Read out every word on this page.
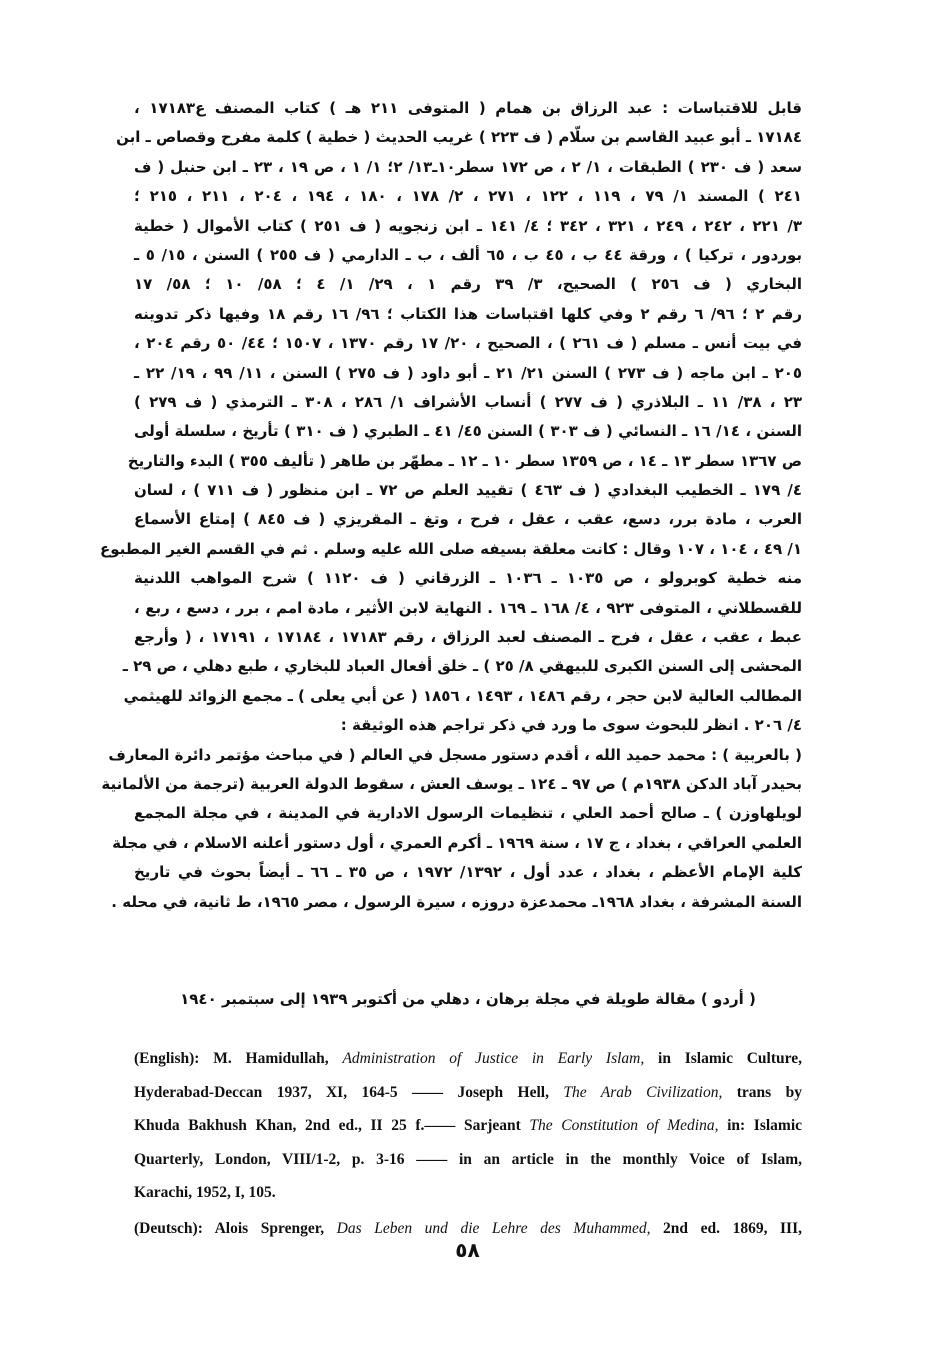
قابل للاقتباسات : عبد الرزاق بن همام ( المتوفى ٢١١ هـ ) كتاب المصنف ع١٧١٨٣ ،
١٧١٨٤ ـ أبو عبيد القاسم بن سلّام ( ف ٢٢٣ ) غريب الحديث ( خطية ) كلمة مفرح وقصاص ـ ابن
سعد ( ف ٢٣٠ ) الطبقات ، ١/ ٢ ، ص ١٧٢ سطر١٠ـ١٣/ ٢؛ ١/ ١ ، ص ١٩ ، ٢٣ ـ ابن حنبل ( ف
٢٤١ ) المسند ١/ ٧٩ ، ١١٩ ، ١٢٢ ، ٢٧١ ، ٢/ ١٧٨ ، ١٨٠ ، ١٩٤ ، ٢٠٤ ، ٢١١ ، ٢١٥ ؛
٣/ ٢٢١ ، ٢٤٢ ، ٢٤٩ ، ٣٢١ ، ٣٤٢ ؛ ٤/ ١٤١ ـ ابن زنجويه ( ف ٢٥١ ) كتاب الأموال ( خطية
بوردور ، تركيا ) ، ورقة ٤٤ ب ، ٤٥ ب ، ٦٥ ألف ، ب ـ الدارمي ( ف ٢٥٥ ) السنن ، ١٥/ ٥ ـ
البخاري ( ف ٢٥٦ ) الصحيح، ٣/ ٣٩ رقم ١ ، ٢٩/ ١/ ٤ ؛ ٥٨/ ١٠ ؛ ٥٨/ ١٧
رقم ٢ ؛ ٩٦/ ٦ رقم ٢ وفي كلها اقتباسات هذا الكتاب ؛ ٩٦/ ١٦ رقم ١٨ وفيها ذكر تدوينه
في بيت أنس ـ مسلم ( ف ٢٦١ ) ، الصحيح ، ٢٠/ ١٧ رقم ١٣٧٠ ، ١٥٠٧ ؛ ٤٤/ ٥٠ رقم ٢٠٤ ،
٢٠٥ ـ ابن ماجه ( ف ٢٧٣ ) السنن ٢١/ ٢١ ـ أبو داود ( ف ٢٧٥ ) السنن ، ١١/ ٩٩ ، ١٩/ ٢٢ ـ
٢٣ ، ٣٨/ ١١ ـ البلاذري ( ف ٢٧٧ ) أنساب الأشراف ١/ ٢٨٦ ، ٣٠٨ ـ الترمذي ( ف ٢٧٩ )
السنن ، ١٤/ ١٦ ـ النسائي ( ف ٣٠٣ ) السنن ٤٥/ ٤١ ـ الطبري ( ف ٣١٠ ) تأريخ ، سلسلة أولى
ص ١٣٦٧ سطر ١٣ ـ ١٤ ، ص ١٣٥٩ سطر ١٠ ـ ١٢ ـ مطهّر بن طاهر ( تأليف ٣٥٥ ) البدء والتاريخ
٤/ ١٧٩ ـ الخطيب البغدادي ( ف ٤٦٣ ) تقييد العلم ص ٧٢ ـ ابن منظور ( ف ٧١١ ) ، لسان
العرب ، مادة برر، دسع، عقب ، عقل ، فرح ، وتغ ـ المقريزي ( ف ٨٤٥ ) إمتاع الأسماع
١/ ٤٩ ، ١٠٤ ، ١٠٧ وقال : كانت معلقة بسيفه صلى الله عليه وسلم . ثم في القسم الغير المطبوع
منه خطية كوبرولو ، ص ١٠٣٥ ـ ١٠٣٦ ـ الزرقاني ( ف ١١٢٠ ) شرح المواهب اللدنية
للقسطلاني ، المتوفى ٩٢٣ ، ٤/ ١٦٨ ـ ١٦٩ . النهاية لابن الأثير ، مادة امم ، برر ، دسع ، ربع ،
عبط ، عقب ، عقل ، فرح ـ المصنف لعبد الرزاق ، رقم ١٧١٨٣ ، ١٧١٨٤ ، ١٧١٩١ ، ( وأرجع
المحشى إلى السنن الكبرى للبيهقي ٨/ ٢٥ ) ـ خلق أفعال العباد للبخاري ، طبع دهلي ، ص ٢٩ ـ
المطالب العالية لابن حجر ، رقم ١٤٨٦ ، ١٤٩٣ ، ١٨٥٦ ( عن أبي يعلى ) ـ مجمع الزوائد للهيثمي
٤/ ٢٠٦ . انظر للبحوث سوى ما ورد في ذكر تراجم هذه الوثيقة :
( بالعربية ) : محمد حميد الله ، أقدم دستور مسجل في العالم ( في مباحث مؤتمر دائرة المعارف
بحيدر آباد الدكن ١٩٣٨م ) ص ٩٧ ـ ١٢٤ ـ يوسف العش ، سقوط الدولة العربية (ترجمة من الألمانية
لويلهاوزن ) ـ صالح أحمد العلي ، تنظيمات الرسول الادارية في المدينة ، في مجلة المجمع
العلمي العراقي ، بغداد ، ج ١٧ ، سنة ١٩٦٩ ـ أكرم العمري ، أول دستور أعلنه الاسلام ، في مجلة
كلية الإمام الأعظم ، بغداد ، عدد أول ، ١٣٩٢/ ١٩٧٢ ، ص ٣٥ ـ ٦٦ ـ أيضاً بحوث في تاريخ
السنة المشرفة ، بغداد ١٩٦٨ـ محمدعزة دروزه ، سيرة الرسول ، مصر ١٩٦٥، ط ثانية، في محله .
( أردو ) مقالة طويلة في مجلة برهان ، دهلي من أكتوبر ١٩٣٩ إلى سبتمبر ١٩٤٠
(English): M. Hamidullah, Administration of Justice in Early Islam, in Islamic Culture,
Hyderabad-Deccan 1937, XI, 164-5 —— Joseph Hell, The Arab Civilization, trans by
Khuda Bakhush Khan, 2nd ed., II 25 f.—— Sarjeant The Constitution of Medina, in: Islamic
Quarterly, London, VIII/1-2, p. 3-16 —— in an article in the monthly Voice of Islam,
Karachi, 1952, I, 105.
(Deutsch): Alois Sprenger, Das Leben und die Lehre des Muhammed, 2nd ed. 1869, III,
٥٨
